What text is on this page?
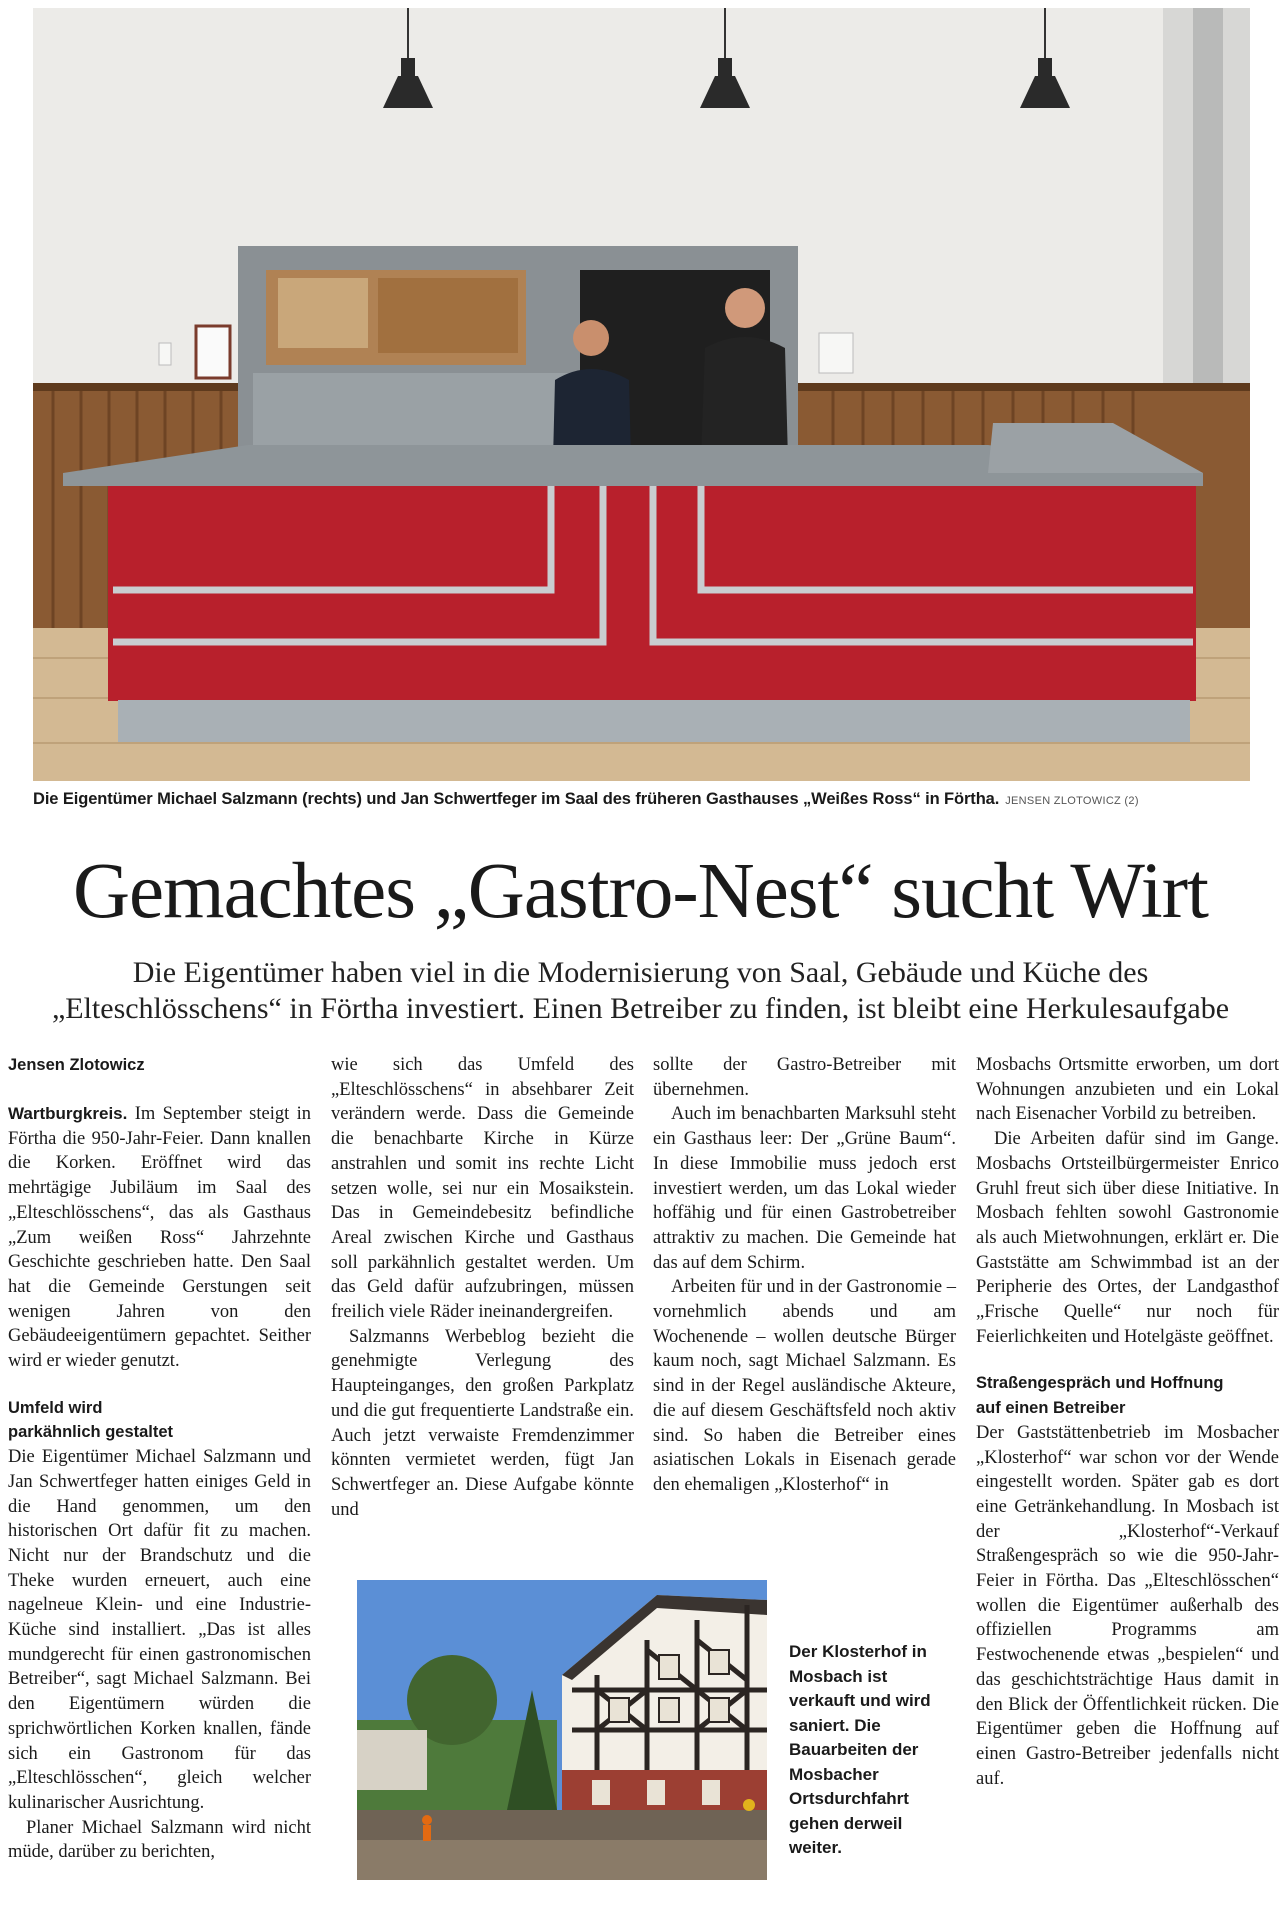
Die Eigentümer Michael Salzmann (rechts) und Jan Schwertfeger im Saal des früheren Gasthauses „Weißes Ross“ in Förtha. JENSEN ZLOTOWICZ (2)
Gemachtes „Gastro-Nest“ sucht Wirt
Die Eigentümer haben viel in die Modernisierung von Saal, Gebäude und Küche des
„Elteschlösschens“ in Förtha investiert. Einen Betreiber zu finden, ist bleibt eine Herkulesaufgabe
Jensen Zlotowicz

Wartburgkreis. Im September steigt in Förtha die 950-Jahr-Feier. Dann knallen die Korken. Eröffnet wird das mehrtägige Jubiläum im Saal des „Elteschlösschens“, das als Gasthaus „Zum weißen Ross“ Jahrzehnte Geschichte geschrieben hatte. Den Saal hat die Gemeinde Gerstungen seit wenigen Jahren von den Gebäudeeigentümern gepachtet. Seither wird er wieder genutzt.

Umfeld wird
parkähnlich gestaltet

Die Eigentümer Michael Salzmann und Jan Schwertfeger hatten einiges Geld in die Hand genommen, um den historischen Ort dafür fit zu machen. Nicht nur der Brandschutz und die Theke wurden erneuert, auch eine nagelneue Klein- und eine Industrie-Küche sind installiert. „Das ist alles mundgerecht für einen gastronomischen Betreiber“, sagt Michael Salzmann. Bei den Eigentümern würden die sprichwörtlichen Korken knallen, fände sich ein Gastronom für das „Elteschlösschen“, gleich welcher kulinarischer Ausrichtung.

Planer Michael Salzmann wird nicht müde, darüber zu berichten,

wie sich das Umfeld des „Elteschlösschens“ in absehbarer Zeit verändern werde. Dass die Gemeinde die benachbarte Kirche in Kürze anstrahlen und somit ins rechte Licht setzen wolle, sei nur ein Mosaikstein. Das in Gemeindebesitz befindliche Areal zwischen Kirche und Gasthaus soll parkähnlich gestaltet werden. Um das Geld dafür aufzubringen, müssen freilich viele Räder ineinandergreifen.

Salzmanns Werbeblog bezieht die genehmigte Verlegung des Haupteinganges, den großen Parkplatz und die gut frequentierte Landstraße ein. Auch jetzt verwaiste Fremdenzimmer könnten vermietet werden, fügt Jan Schwertfeger an. Diese Aufgabe könnte und

sollte der Gastro-Betreiber mit übernehmen.

Auch im benachbarten Marksuhl steht ein Gasthaus leer: Der „Grüne Baum“. In diese Immobilie muss jedoch erst investiert werden, um das Lokal wieder hoffähig und für einen Gastrobetreiber attraktiv zu machen. Die Gemeinde hat das auf dem Schirm.

Arbeiten für und in der Gastronomie – vornehmlich abends und am Wochenende – wollen deutsche Bürger kaum noch, sagt Michael Salzmann. Es sind in der Regel ausländische Akteure, die auf diesem Geschäftsfeld noch aktiv sind. So haben die Betreiber eines asiatischen Lokals in Eisenach gerade den ehemaligen „Klosterhof“ in

Mosbachs Ortsmitte erworben, um dort Wohnungen anzubieten und ein Lokal nach Eisenacher Vorbild zu betreiben.

Die Arbeiten dafür sind im Gange. Mosbachs Ortsteilbürgermeister Enrico Gruhl freut sich über diese Initiative. In Mosbach fehlten sowohl Gastronomie als auch Mietwohnungen, erklärt er. Die Gaststätte am Schwimmbad ist an der Peripherie des Ortes, der Landgasthof „Frische Quelle“ nur noch für Feierlichkeiten und Hotelgäste geöffnet.

Straßengespräch und Hoffnung
auf einen Betreiber

Der Gaststättenbetrieb im Mosbacher „Klosterhof“ war schon vor der Wende eingestellt worden. Später gab es dort eine Getränkehandlung. In Mosbach ist der „Klosterhof“-Verkauf Straßengespräch so wie die 950-Jahr-Feier in Förtha. Das „Elteschlösschen“ wollen die Eigentümer außerhalb des offiziellen Programms am Festwochenende etwas „bespielen“ und das geschichtsträchtige Haus damit in den Blick der Öffentlichkeit rücken. Die Eigentümer geben die Hoffnung auf einen Gastro-Betreiber jedenfalls nicht auf.

Der Klosterhof in Mosbach ist verkauft und wird saniert. Die Bauarbeiten der Mosbacher Ortsdurchfahrt gehen derweil weiter.
